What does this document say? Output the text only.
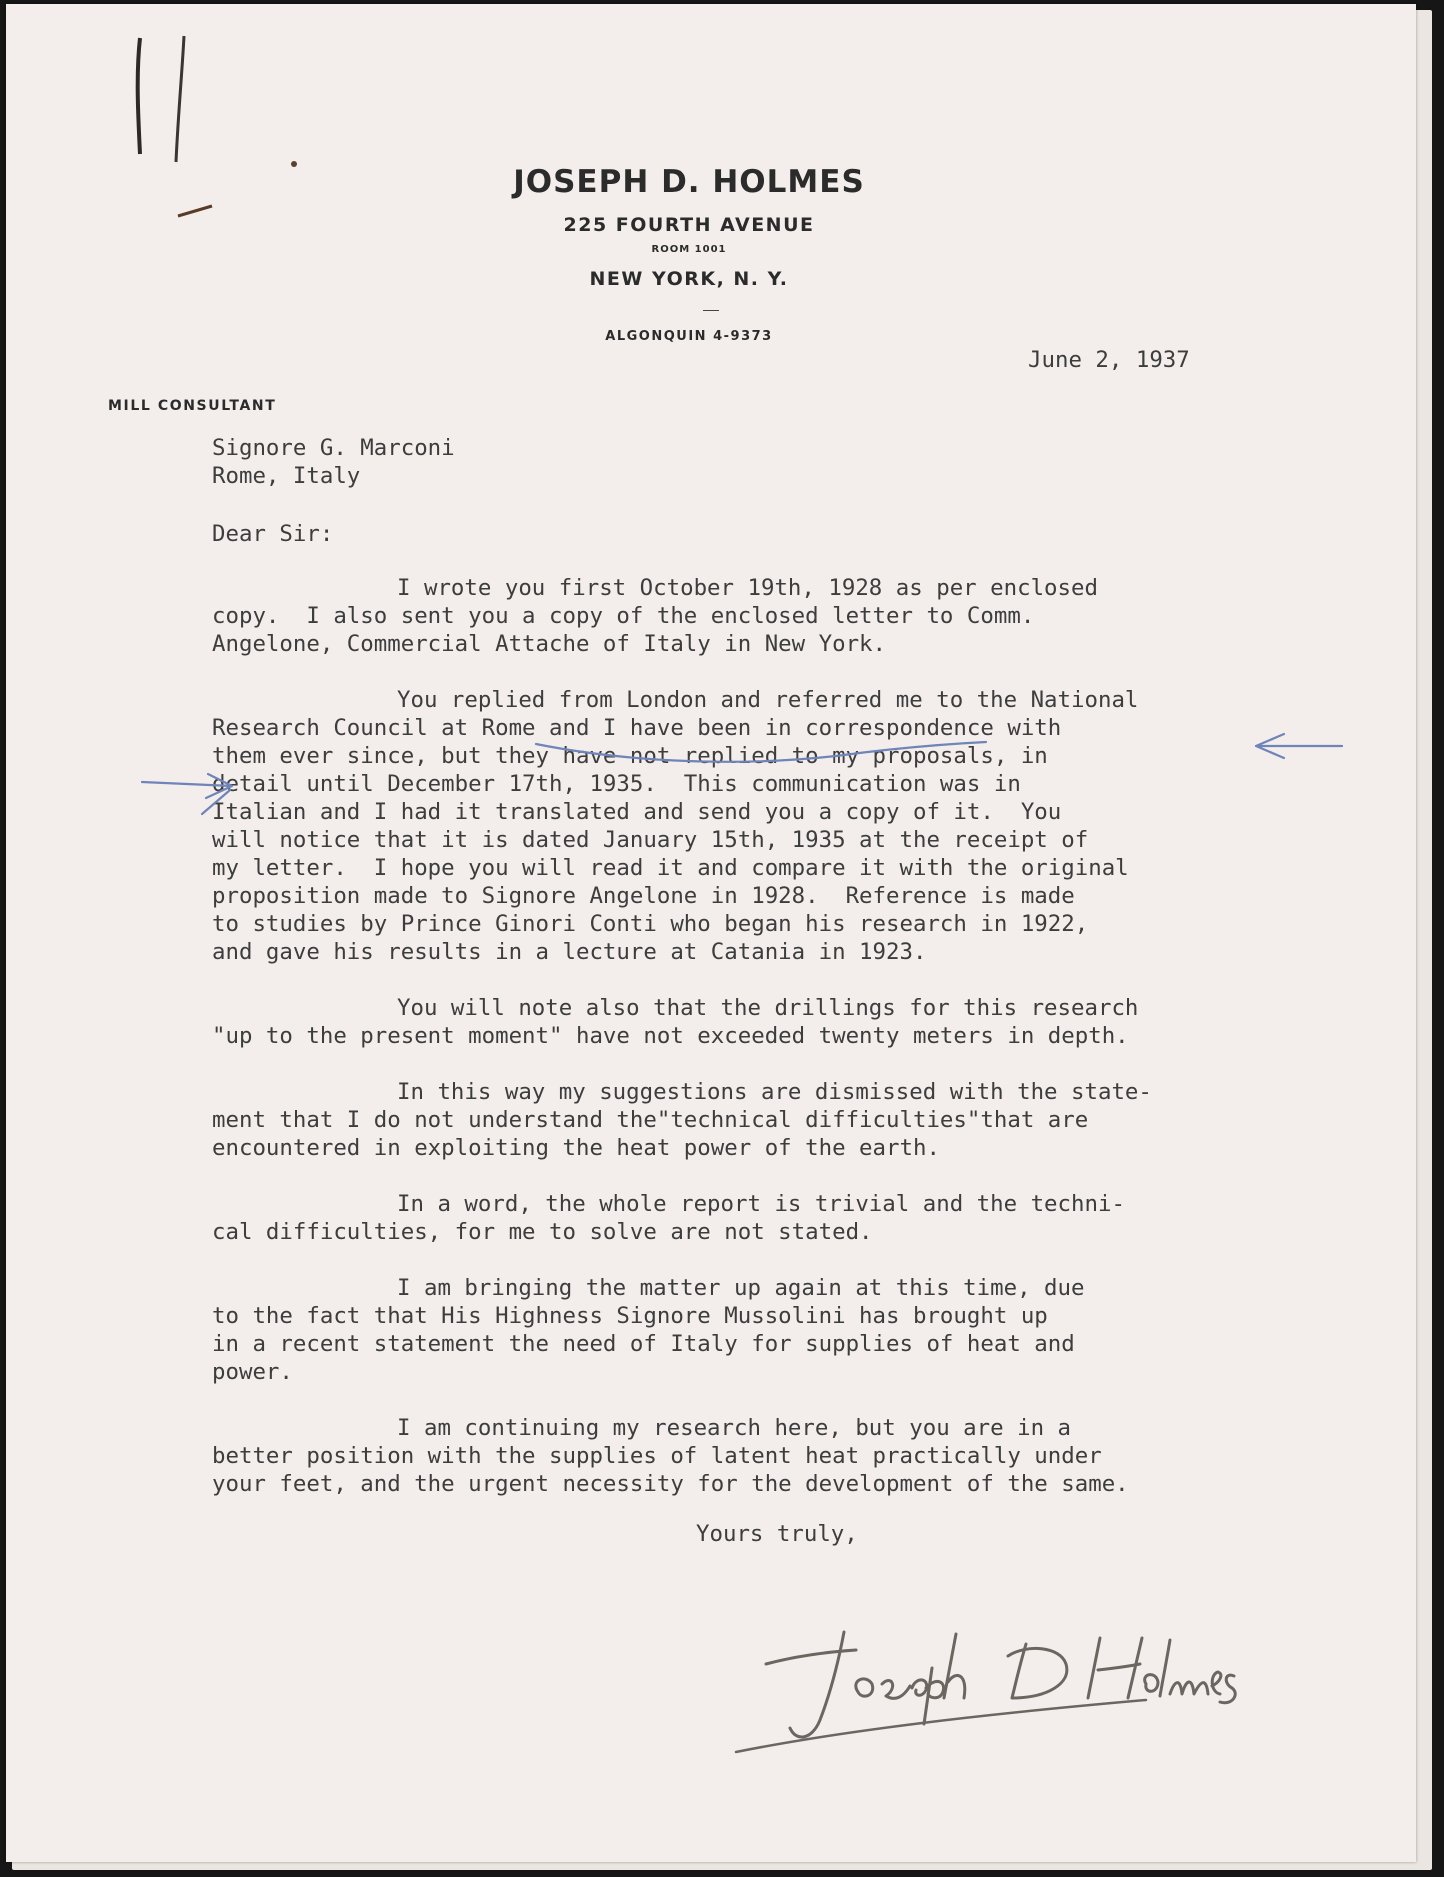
JOSEPH D. HOLMES
225 FOURTH AVENUE
ROOM 1001
NEW YORK, N. Y.
ALGONQUIN 4-9373
MILL CONSULTANT
June 2, 1937
Signore G. Marconi
Rome, Italy
Dear Sir:
I wrote you first October 19th, 1928 as per enclosed
copy.  I also sent you a copy of the enclosed letter to Comm.
Angelone, Commercial Attache of Italy in New York.
You replied from London and referred me to the National
Research Council at Rome and I have been in correspondence with
them ever since, but they have not replied to my proposals, in
detail until December 17th, 1935.  This communication was in
Italian and I had it translated and send you a copy of it.  You
will notice that it is dated January 15th, 1935 at the receipt of
my letter.  I hope you will read it and compare it with the original
proposition made to Signore Angelone in 1928.  Reference is made
to studies by Prince Ginori Conti who began his research in 1922,
and gave his results in a lecture at Catania in 1923.
You will note also that the drillings for this research
"up to the present moment" have not exceeded twenty meters in depth.
In this way my suggestions are dismissed with the state-
ment that I do not understand the"technical difficulties"that are
encountered in exploiting the heat power of the earth.
In a word, the whole report is trivial and the techni-
cal difficulties, for me to solve are not stated.
I am bringing the matter up again at this time, due
to the fact that His Highness Signore Mussolini has brought up
in a recent statement the need of Italy for supplies of heat and
power.
I am continuing my research here, but you are in a
better position with the supplies of latent heat practically under
your feet, and the urgent necessity for the development of the same.
Yours truly,
